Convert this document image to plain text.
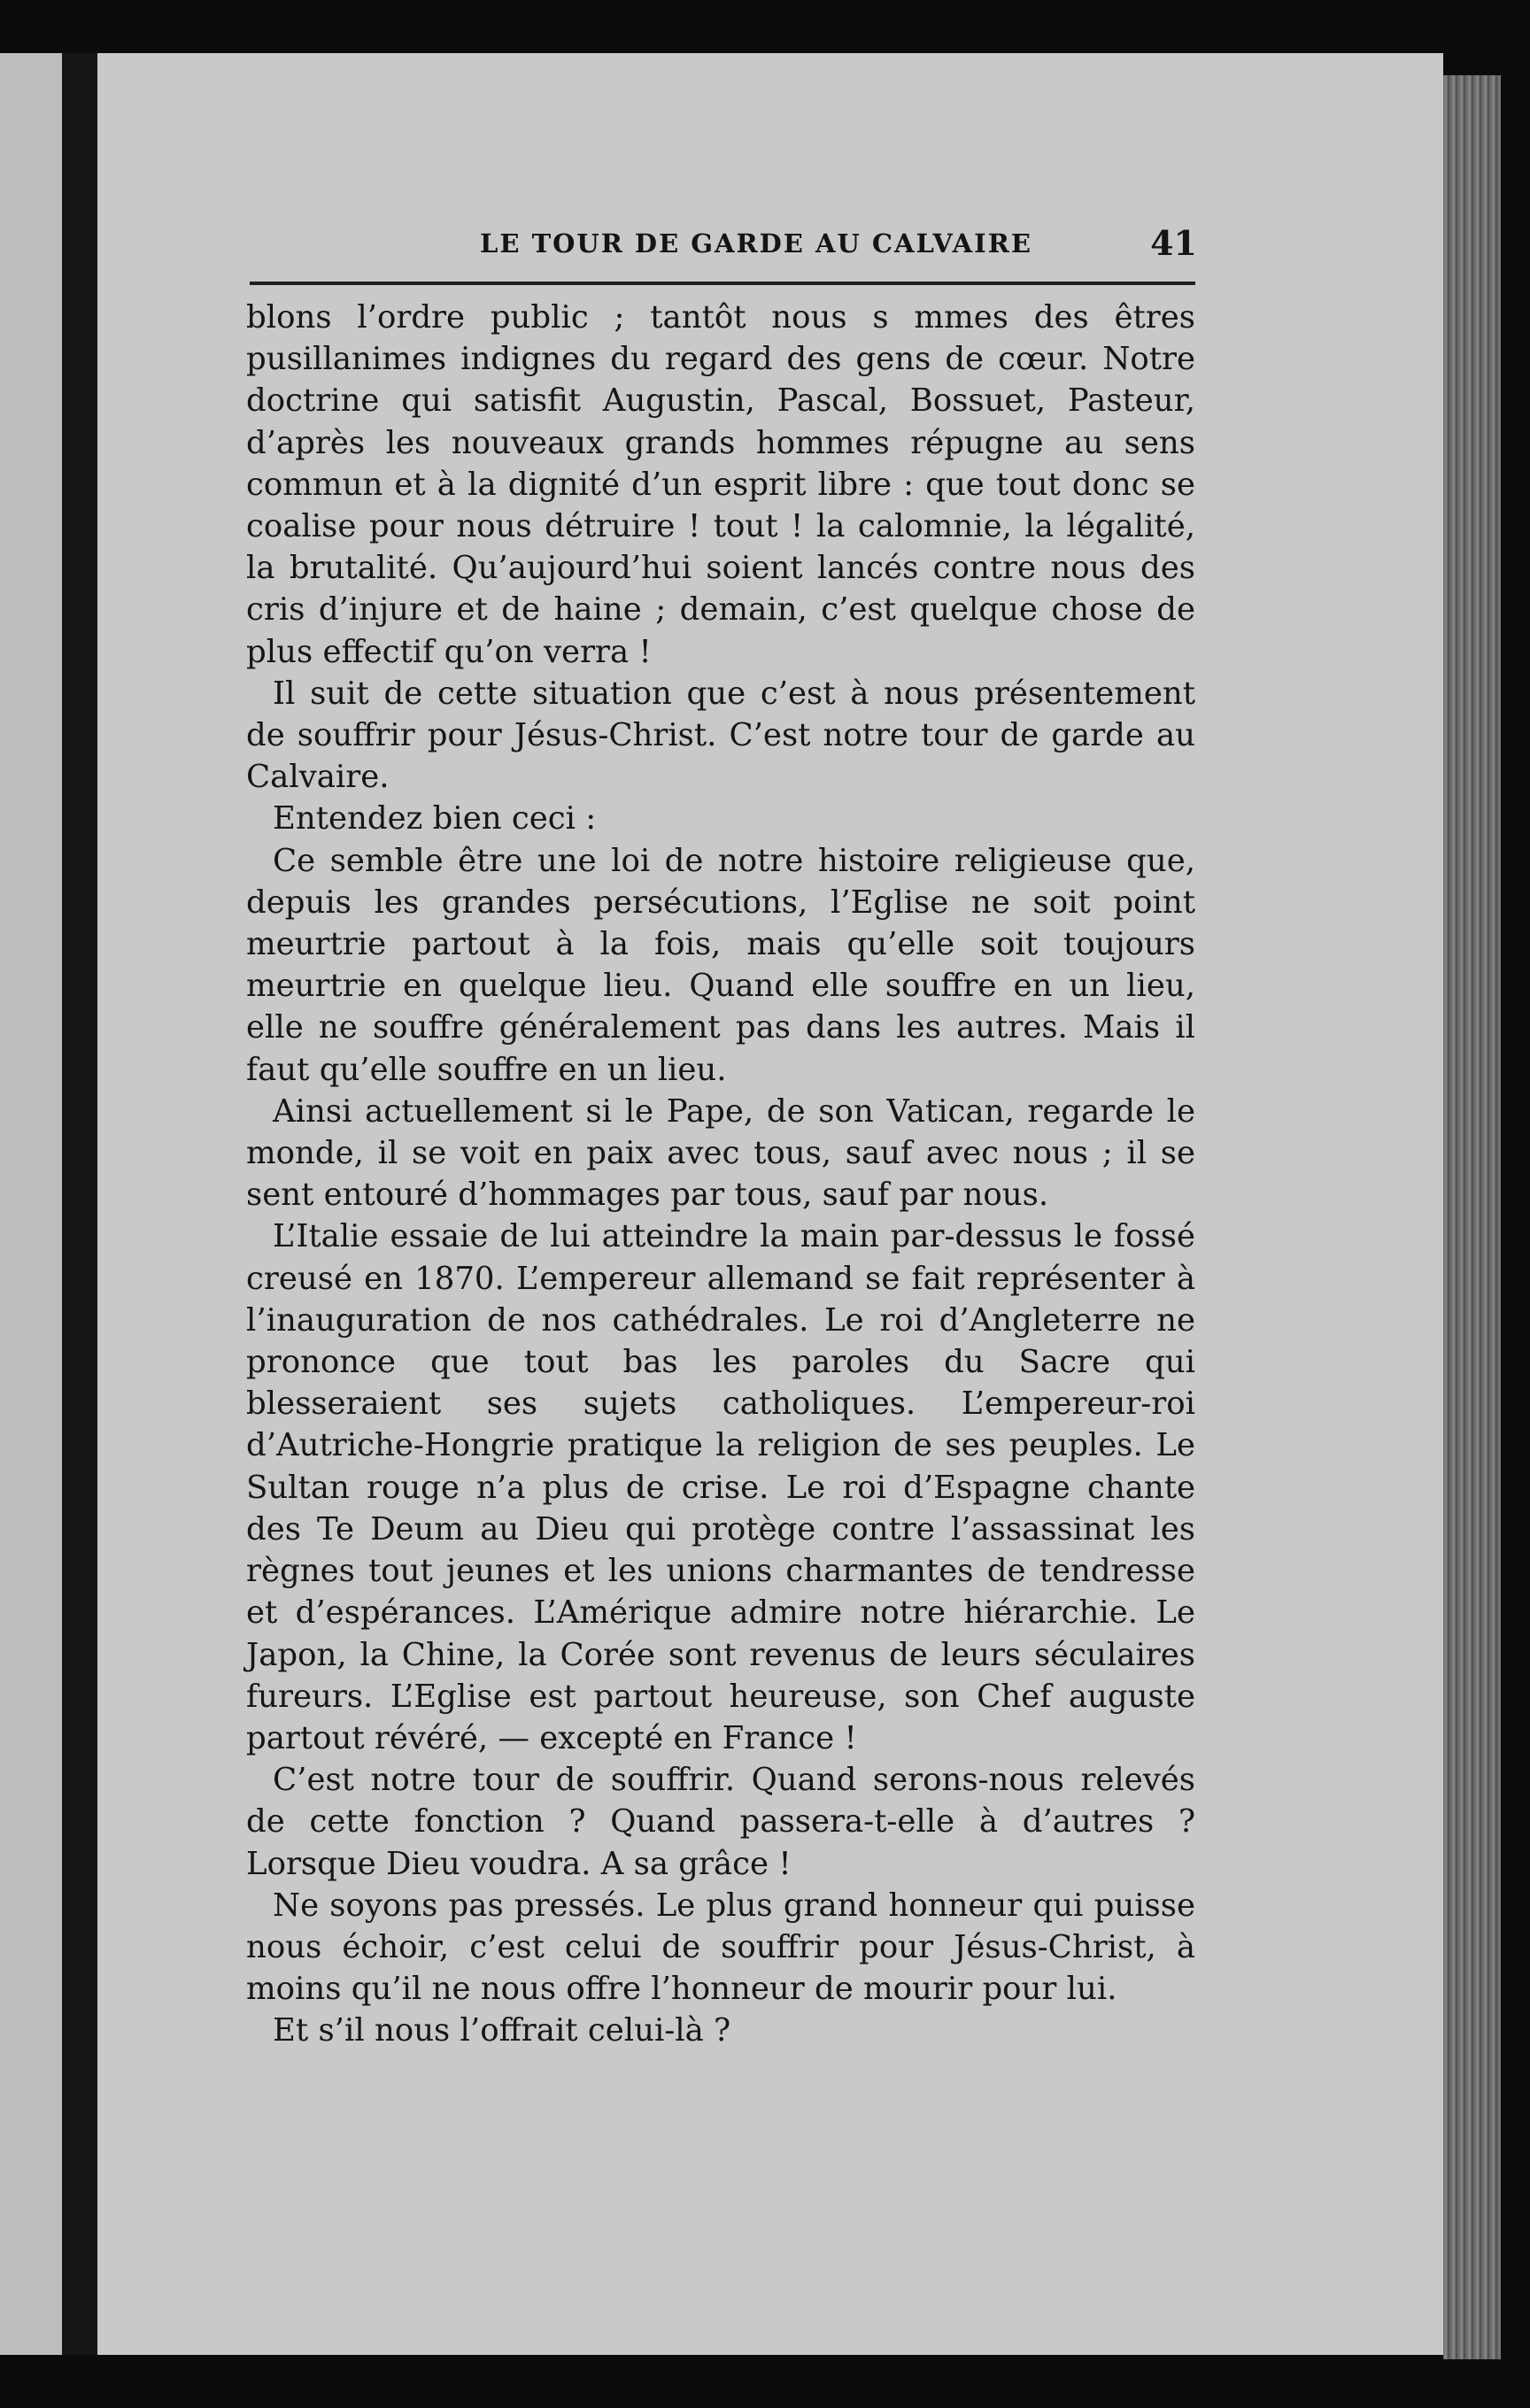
LE TOUR DE GARDE AU CALVAIRE	41

blons l’ordre public ; tantôt nous s mmes des êtres pusillanimes indignes du regard des gens de cœur. Notre doctrine qui satisfit Augustin, Pascal, Bossuet, Pasteur, d’après les nouveaux grands hommes répugne au sens commun et à la dignité d’un esprit libre : que tout donc se coalise pour nous détruire ! tout ! la calomnie, la légalité, la brutalité. Qu’aujourd’hui soient lancés contre nous des cris d’injure et de haine ; demain, c’est quelque chose de plus effectif qu’on verra !

Il suit de cette situation que c’est à nous présentement de souffrir pour Jésus-Christ. C’est notre tour de garde au Calvaire.

Entendez bien ceci :

Ce semble être une loi de notre histoire religieuse que, depuis les grandes persécutions, l’Eglise ne soit point meurtrie partout à la fois, mais qu’elle soit toujours meurtrie en quelque lieu. Quand elle souffre en un lieu, elle ne souffre généralement pas dans les autres. Mais il faut qu’elle souffre en un lieu.

Ainsi actuellement si le Pape, de son Vatican, regarde le monde, il se voit en paix avec tous, sauf avec nous ; il se sent entouré d’hommages par tous, sauf par nous.

L’Italie essaie de lui atteindre la main par-dessus le fossé creusé en 1870. L’empereur allemand se fait représenter à l’inauguration de nos cathédrales. Le roi d’Angleterre ne prononce que tout bas les paroles du Sacre qui blesseraient ses sujets catholiques. L’empereur-roi d’Autriche-Hongrie pratique la religion de ses peuples. Le Sultan rouge n’a plus de crise. Le roi d’Espagne chante des Te Deum au Dieu qui protège contre l’assassinat les règnes tout jeunes et les unions charmantes de tendresse et d’espérances. L’Amérique admire notre hiérarchie. Le Japon, la Chine, la Corée sont revenus de leurs séculaires fureurs. L’Eglise est partout heureuse, son Chef auguste partout révéré, — excepté en France !

C’est notre tour de souffrir. Quand serons-nous relevés de cette fonction ? Quand passera-t-elle à d’autres ? Lorsque Dieu voudra. A sa grâce !

Ne soyons pas pressés. Le plus grand honneur qui puisse nous échoir, c’est celui de souffrir pour Jésus-Christ, à moins qu’il ne nous offre l’honneur de mourir pour lui.

Et s’il nous l’offrait celui-là ?
